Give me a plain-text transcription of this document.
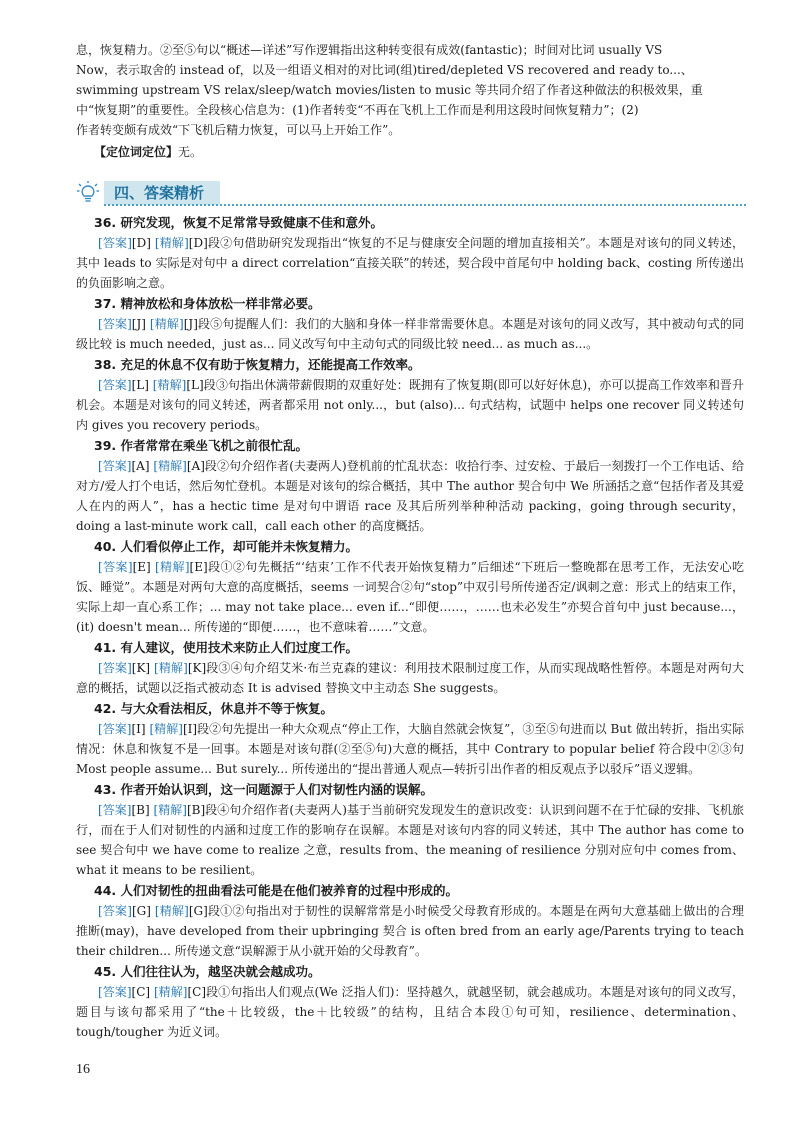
息，恢复精力。②至⑤句以“概述—详述”写作逻辑指出这种转变很有成效(fantastic)；时间对比词 usually VS

Now，表示取舍的 instead of，以及一组语义相对的对比词(组)tired/depleted VS recovered and ready to...、

swimming upstream VS relax/sleep/watch movies/listen to music 等共同介绍了作者这种做法的积极效果，重

中“恢复期”的重要性。全段核心信息为：(1)作者转变“不再在飞机上工作而是利用这段时间恢复精力”；(2)

作者转变颇有成效“下飞机后精力恢复，可以马上开始工作”。

【定位词定位】无。

四、答案精析

36. 研究发现，恢复不足常常导致健康不佳和意外。

[答案][D] [精解][D]段②句借助研究发现指出“恢复的不足与健康安全问题的增加直接相关”。本题是对该句的同义转述，其中 leads to 实际是对句中 a direct correlation“直接关联”的转述，契合段中首尾句中 holding back、costing 所传递出的负面影响之意。

37. 精神放松和身体放松一样非常必要。

[答案][J] [精解][J]段⑤句提醒人们：我们的大脑和身体一样非常需要休息。本题是对该句的同义改写，其中被动句式的同级比较 is much needed，just as... 同义改写句中主动句式的同级比较 need... as much as...。

38. 充足的休息不仅有助于恢复精力，还能提高工作效率。

[答案][L] [精解][L]段③句指出休满带薪假期的双重好处：既拥有了恢复期(即可以好好休息)，亦可以提高工作效率和晋升机会。本题是对该句的同义转述，两者都采用 not only...，but (also)... 句式结构，试题中 helps one recover 同义转述句内 gives you recovery periods。

39. 作者常常在乘坐飞机之前很忙乱。

[答案][A] [精解][A]段②句介绍作者(夫妻两人)登机前的忙乱状态：收拾行李、过安检、于最后一刻拨打一个工作电话、给对方/爱人打个电话，然后匆忙登机。本题是对该句的综合概括，其中 The author 契合句中 We 所涵括之意“包括作者及其爱人在内的两人”，has a hectic time 是对句中谓语 race 及其后所列举种种活动 packing，going through security，doing a last-minute work call，call each other 的高度概括。

40. 人们看似停止工作，却可能并未恢复精力。

[答案][E] [精解][E]段①②句先概括“‘结束’工作不代表开始恢复精力”后细述“下班后一整晚都在思考工作，无法安心吃饭、睡觉”。本题是对两句大意的高度概括，seems 一词契合②句“stop”中双引号所传递否定/讽刺之意：形式上的结束工作，实际上却一直心系工作；... may not take place... even if...“即便……，……也未必发生”亦契合首句中 just because...，(it) doesn't mean... 所传递的“即便……，也不意味着……”文意。

41. 有人建议，使用技术来防止人们过度工作。

[答案][K] [精解][K]段③④句介绍艾米·布兰克森的建议：利用技术限制过度工作，从而实现战略性暂停。本题是对两句大意的概括，试题以泛指式被动态 It is advised 替换文中主动态 She suggests。

42. 与大众看法相反，休息并不等于恢复。

[答案][I] [精解][I]段②句先提出一种大众观点“停止工作，大脑自然就会恢复”，③至⑤句进而以 But 做出转折，指出实际情况：休息和恢复不是一回事。本题是对该句群(②至⑤句)大意的概括，其中 Contrary to popular belief 符合段中②③句 Most people assume... But surely... 所传递出的“提出普通人观点—转折引出作者的相反观点予以驳斥”语义逻辑。

43. 作者开始认识到，这一问题源于人们对韧性内涵的误解。

[答案][B] [精解][B]段④句介绍作者(夫妻两人)基于当前研究发现发生的意识改变：认识到问题不在于忙碌的安排、飞机旅行，而在于人们对韧性的内涵和过度工作的影响存在误解。本题是对该句内容的同义转述，其中 The author has come to see 契合句中 we have come to realize 之意，results from、the meaning of resilience 分别对应句中 comes from、what it means to be resilient。

44. 人们对韧性的扭曲看法可能是在他们被养育的过程中形成的。

[答案][G] [精解][G]段①②句指出对于韧性的误解常常是小时候受父母教育形成的。本题是在两句大意基础上做出的合理推断(may)，have developed from their upbringing 契合 is often bred from an early age/Parents trying to teach their children... 所传递文意“误解源于从小就开始的父母教育”。

45. 人们往往认为，越坚决就会越成功。

[答案][C] [精解][C]段①句指出人们观点(We 泛指人们)：坚持越久，就越坚韧，就会越成功。本题是对该句的同义改写，题目与该句都采用了“the＋比较级，the＋比较级”的结构，且结合本段①句可知，resilience、determination、tough/tougher 为近义词。

16
